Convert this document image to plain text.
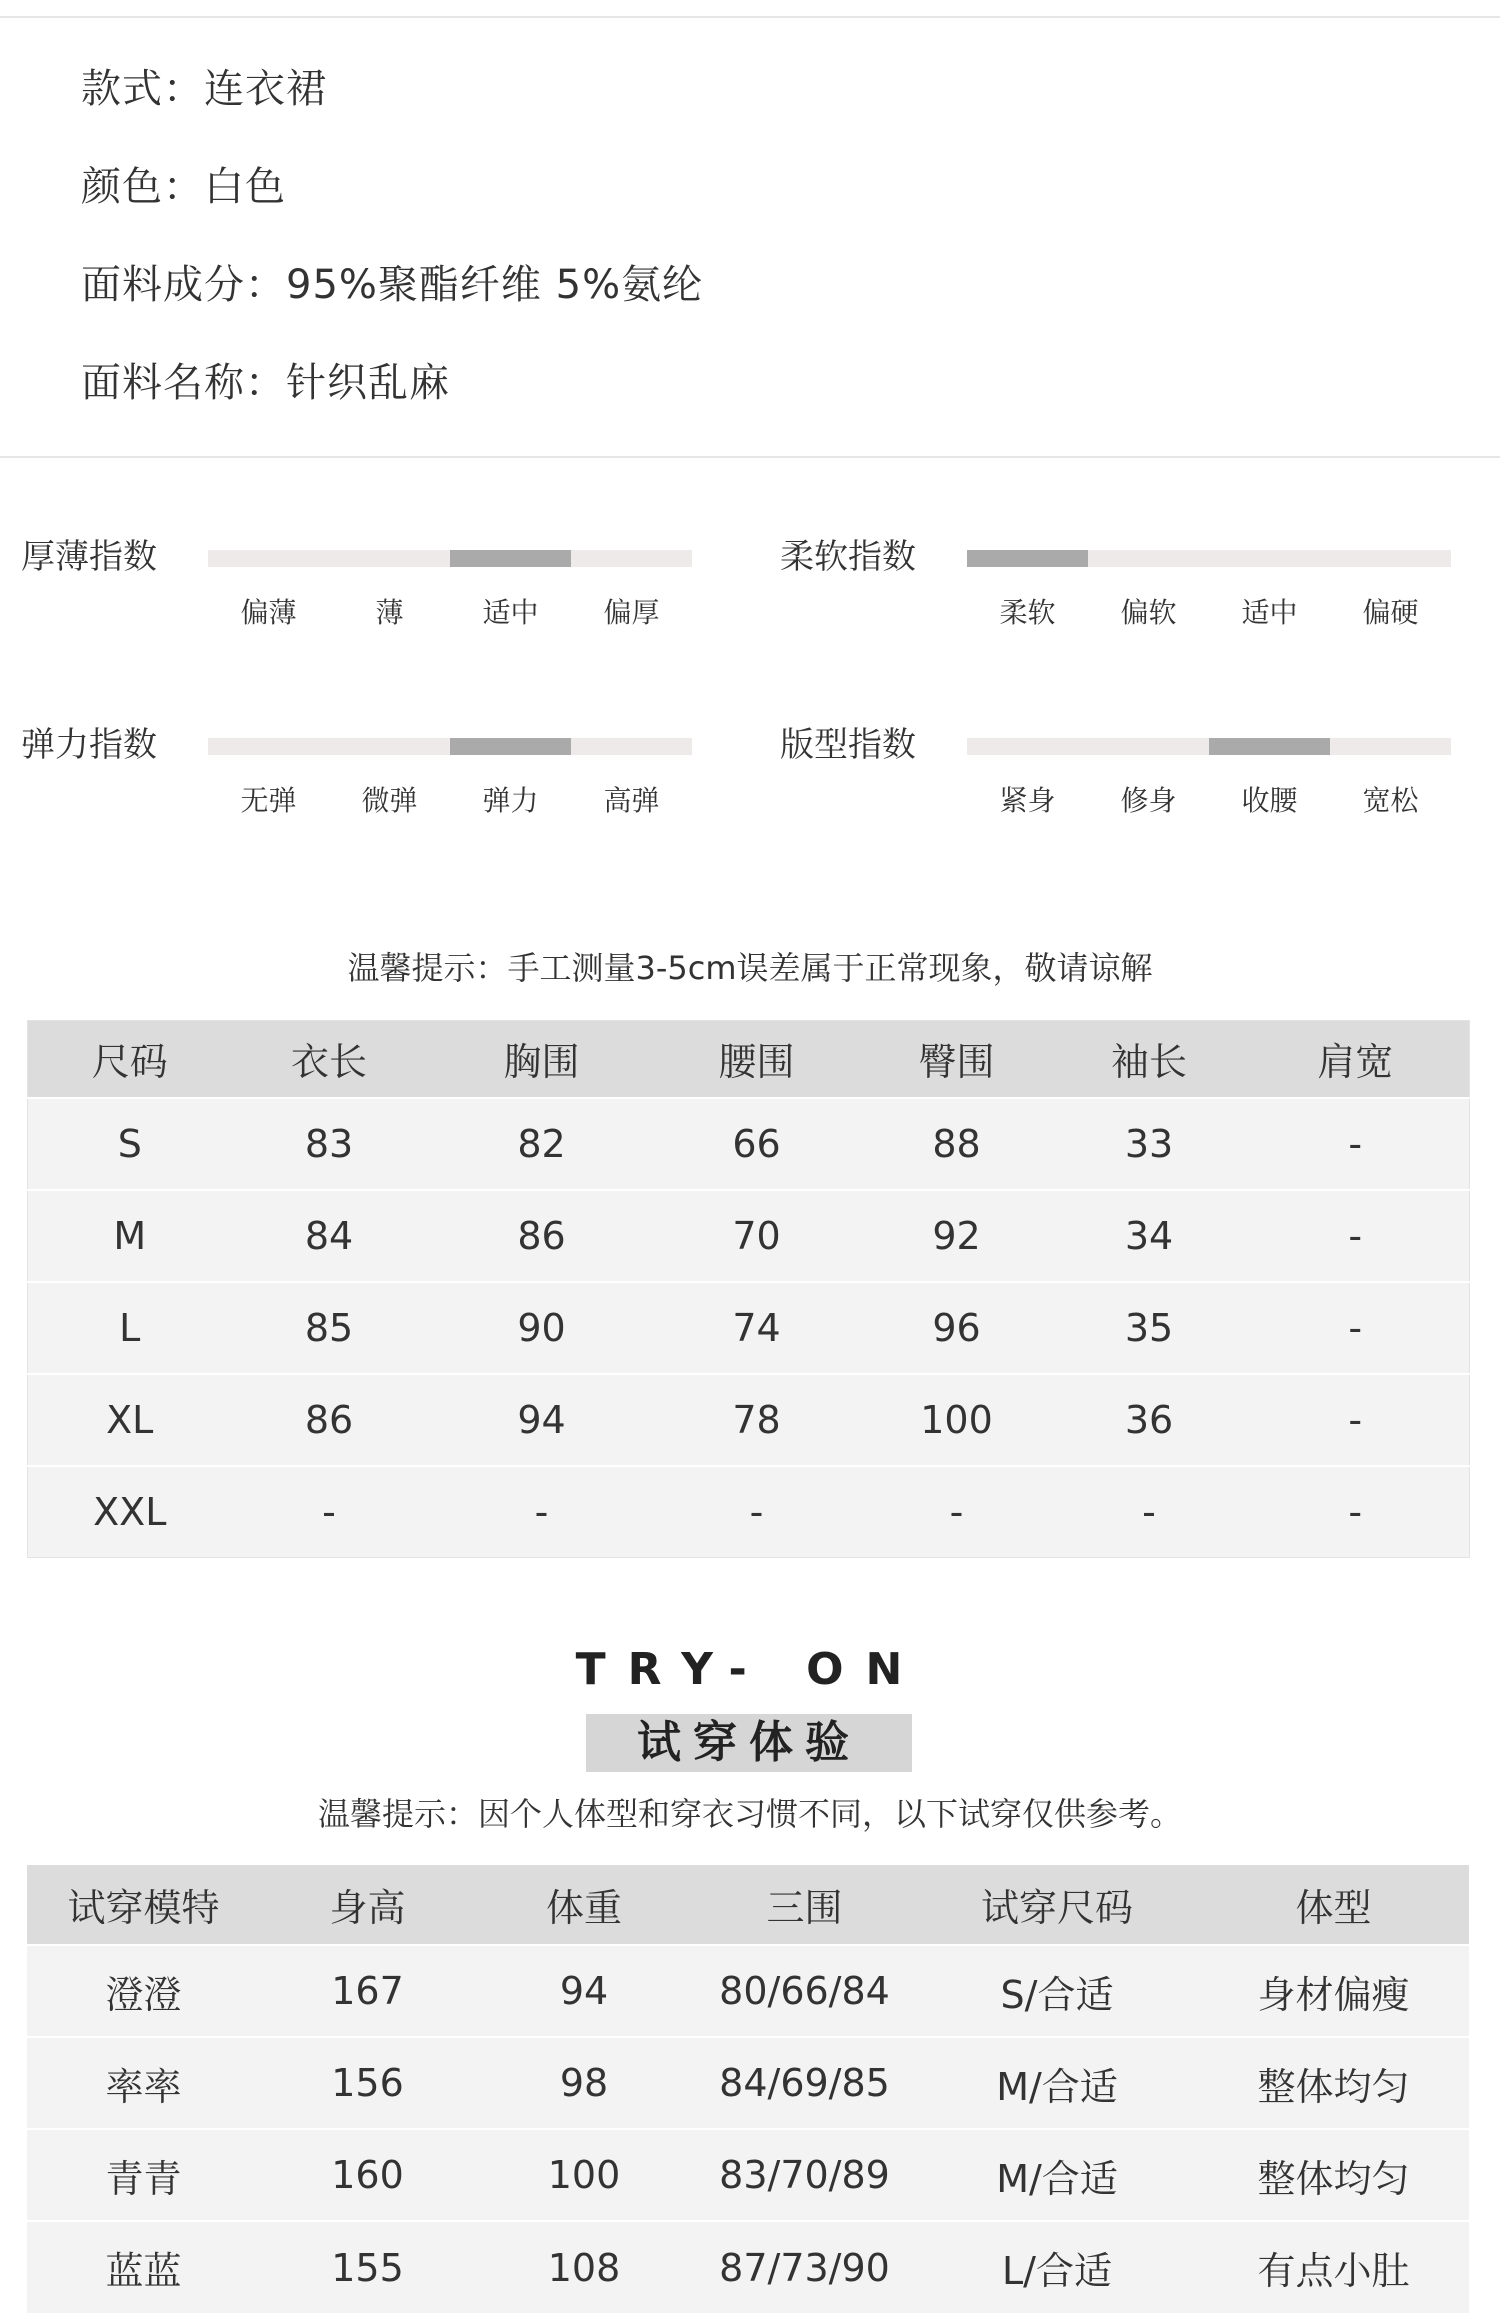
款式：连衣裙
颜色：白色
面料成分：95%聚酯纤维 5%氨纶
面料名称：针织乱麻
厚薄指数
偏薄	薄	适中	偏厚
柔软指数
柔软	偏软	适中	偏硬
弹力指数
无弹	微弹	弹力	高弹
版型指数
紧身	修身	收腰	宽松
温馨提示：手工测量3-5cm误差属于正常现象，敬请谅解
尺码	衣长	胸围	腰围	臀围	袖长	肩宽
S	83	82	66	88	33	-
M	84	86	70	92	34	-
L	85	90	74	96	35	-
XL	86	94	78	100	36	-
XXL	-	-	-	-	-	-
TRY- ON
试穿体验
温馨提示：因个人体型和穿衣习惯不同，以下试穿仅供参考。
试穿模特	身高	体重	三围	试穿尺码	体型
澄澄	167	94	80/66/84	S/合适	身材偏瘦
率率	156	98	84/69/85	M/合适	整体均匀
青青	160	100	83/70/89	M/合适	整体均匀
蓝蓝	155	108	87/73/90	L/合适	有点小肚
